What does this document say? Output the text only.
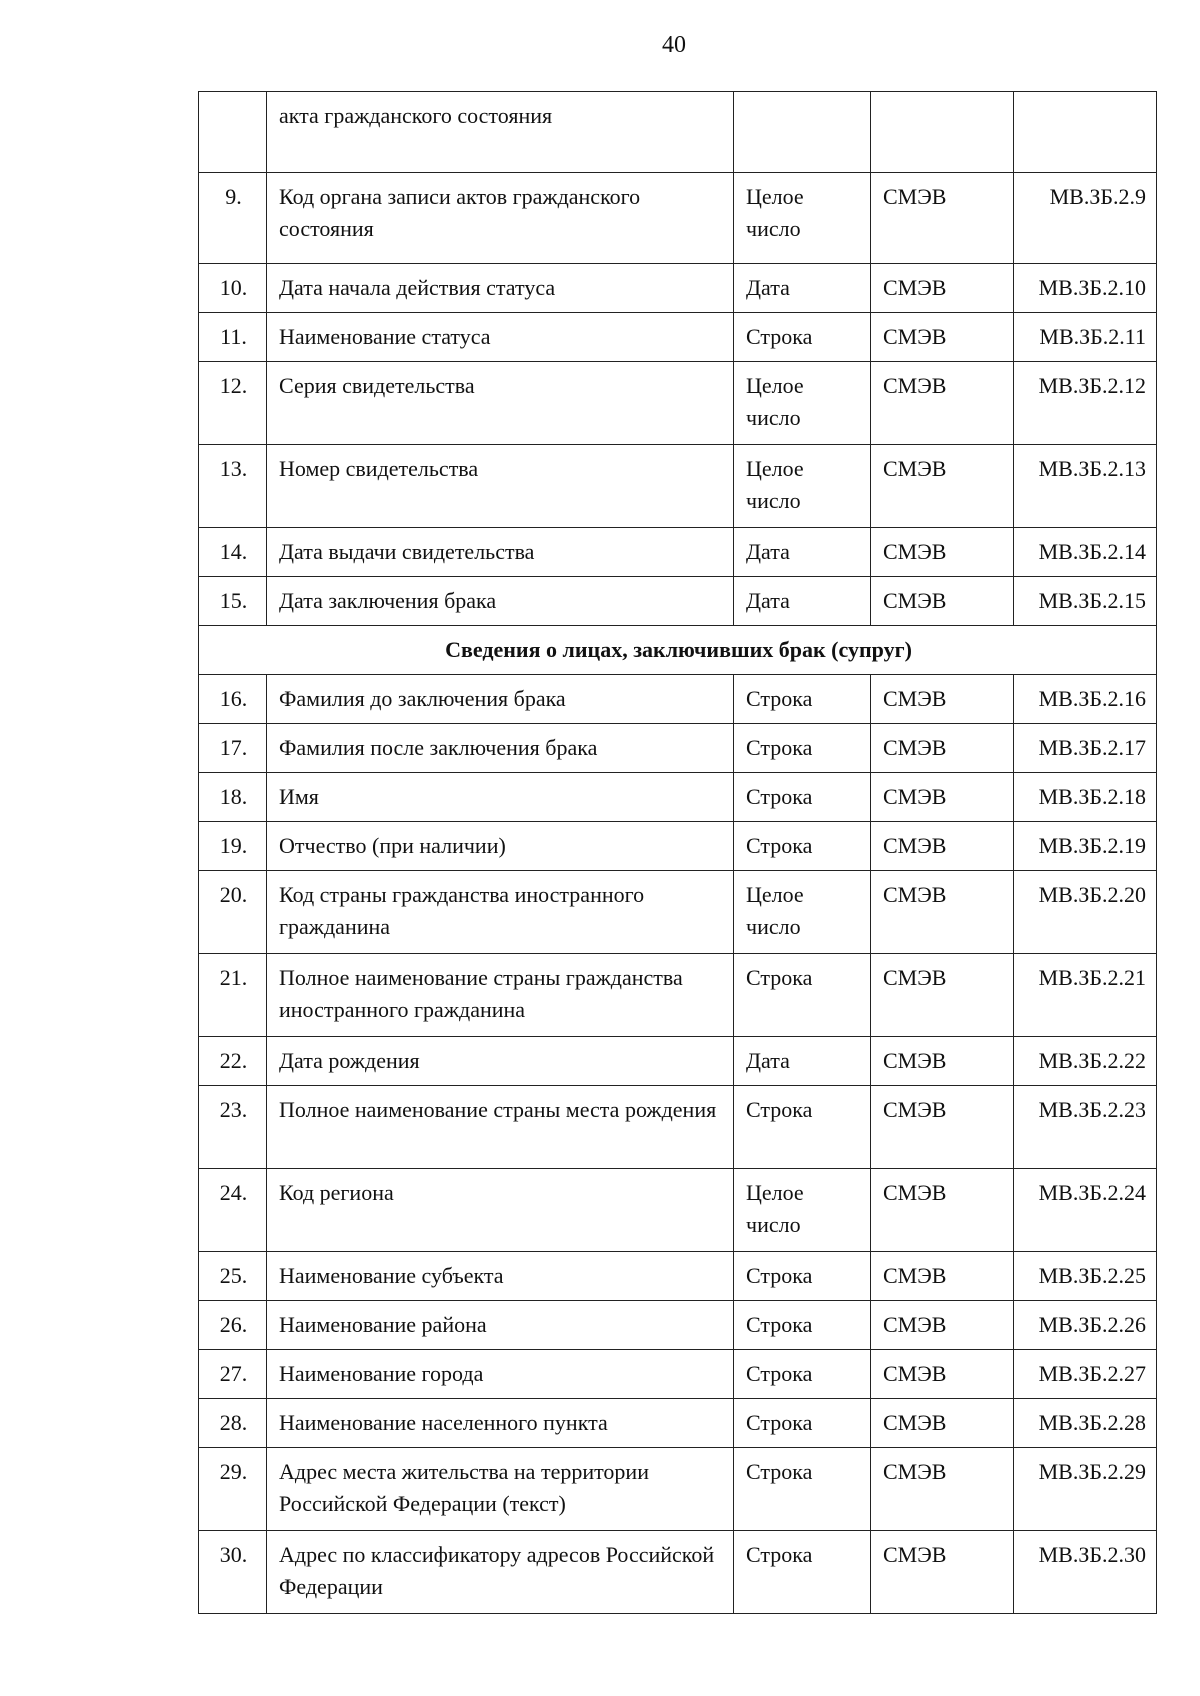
40
	акта гражданского состояния			
9.	Код органа записи актов гражданского состояния	Целое число	СМЭВ	МВ.ЗБ.2.9
10.	Дата начала действия статуса	Дата	СМЭВ	МВ.ЗБ.2.10
11.	Наименование статуса	Строка	СМЭВ	МВ.ЗБ.2.11
12.	Серия свидетельства	Целое число	СМЭВ	МВ.ЗБ.2.12
13.	Номер свидетельства	Целое число	СМЭВ	МВ.ЗБ.2.13
14.	Дата выдачи свидетельства	Дата	СМЭВ	МВ.ЗБ.2.14
15.	Дата заключения брака	Дата	СМЭВ	МВ.ЗБ.2.15
Сведения о лицах, заключивших брак (супруг)				
16.	Фамилия до заключения брака	Строка	СМЭВ	МВ.ЗБ.2.16
17.	Фамилия после заключения брака	Строка	СМЭВ	МВ.ЗБ.2.17
18.	Имя	Строка	СМЭВ	МВ.ЗБ.2.18
19.	Отчество (при наличии)	Строка	СМЭВ	МВ.ЗБ.2.19
20.	Код страны гражданства иностранного гражданина	Целое число	СМЭВ	МВ.ЗБ.2.20
21.	Полное наименование страны гражданства иностранного гражданина	Строка	СМЭВ	МВ.ЗБ.2.21
22.	Дата рождения	Дата	СМЭВ	МВ.ЗБ.2.22
23.	Полное наименование страны места рождения	Строка	СМЭВ	МВ.ЗБ.2.23
24.	Код региона	Целое число	СМЭВ	МВ.ЗБ.2.24
25.	Наименование субъекта	Строка	СМЭВ	МВ.ЗБ.2.25
26.	Наименование района	Строка	СМЭВ	МВ.ЗБ.2.26
27.	Наименование города	Строка	СМЭВ	МВ.ЗБ.2.27
28.	Наименование населенного пункта	Строка	СМЭВ	МВ.ЗБ.2.28
29.	Адрес места жительства на территории Российской Федерации (текст)	Строка	СМЭВ	МВ.ЗБ.2.29
30.	Адрес по классификатору адресов Российской Федерации	Строка	СМЭВ	МВ.ЗБ.2.30
